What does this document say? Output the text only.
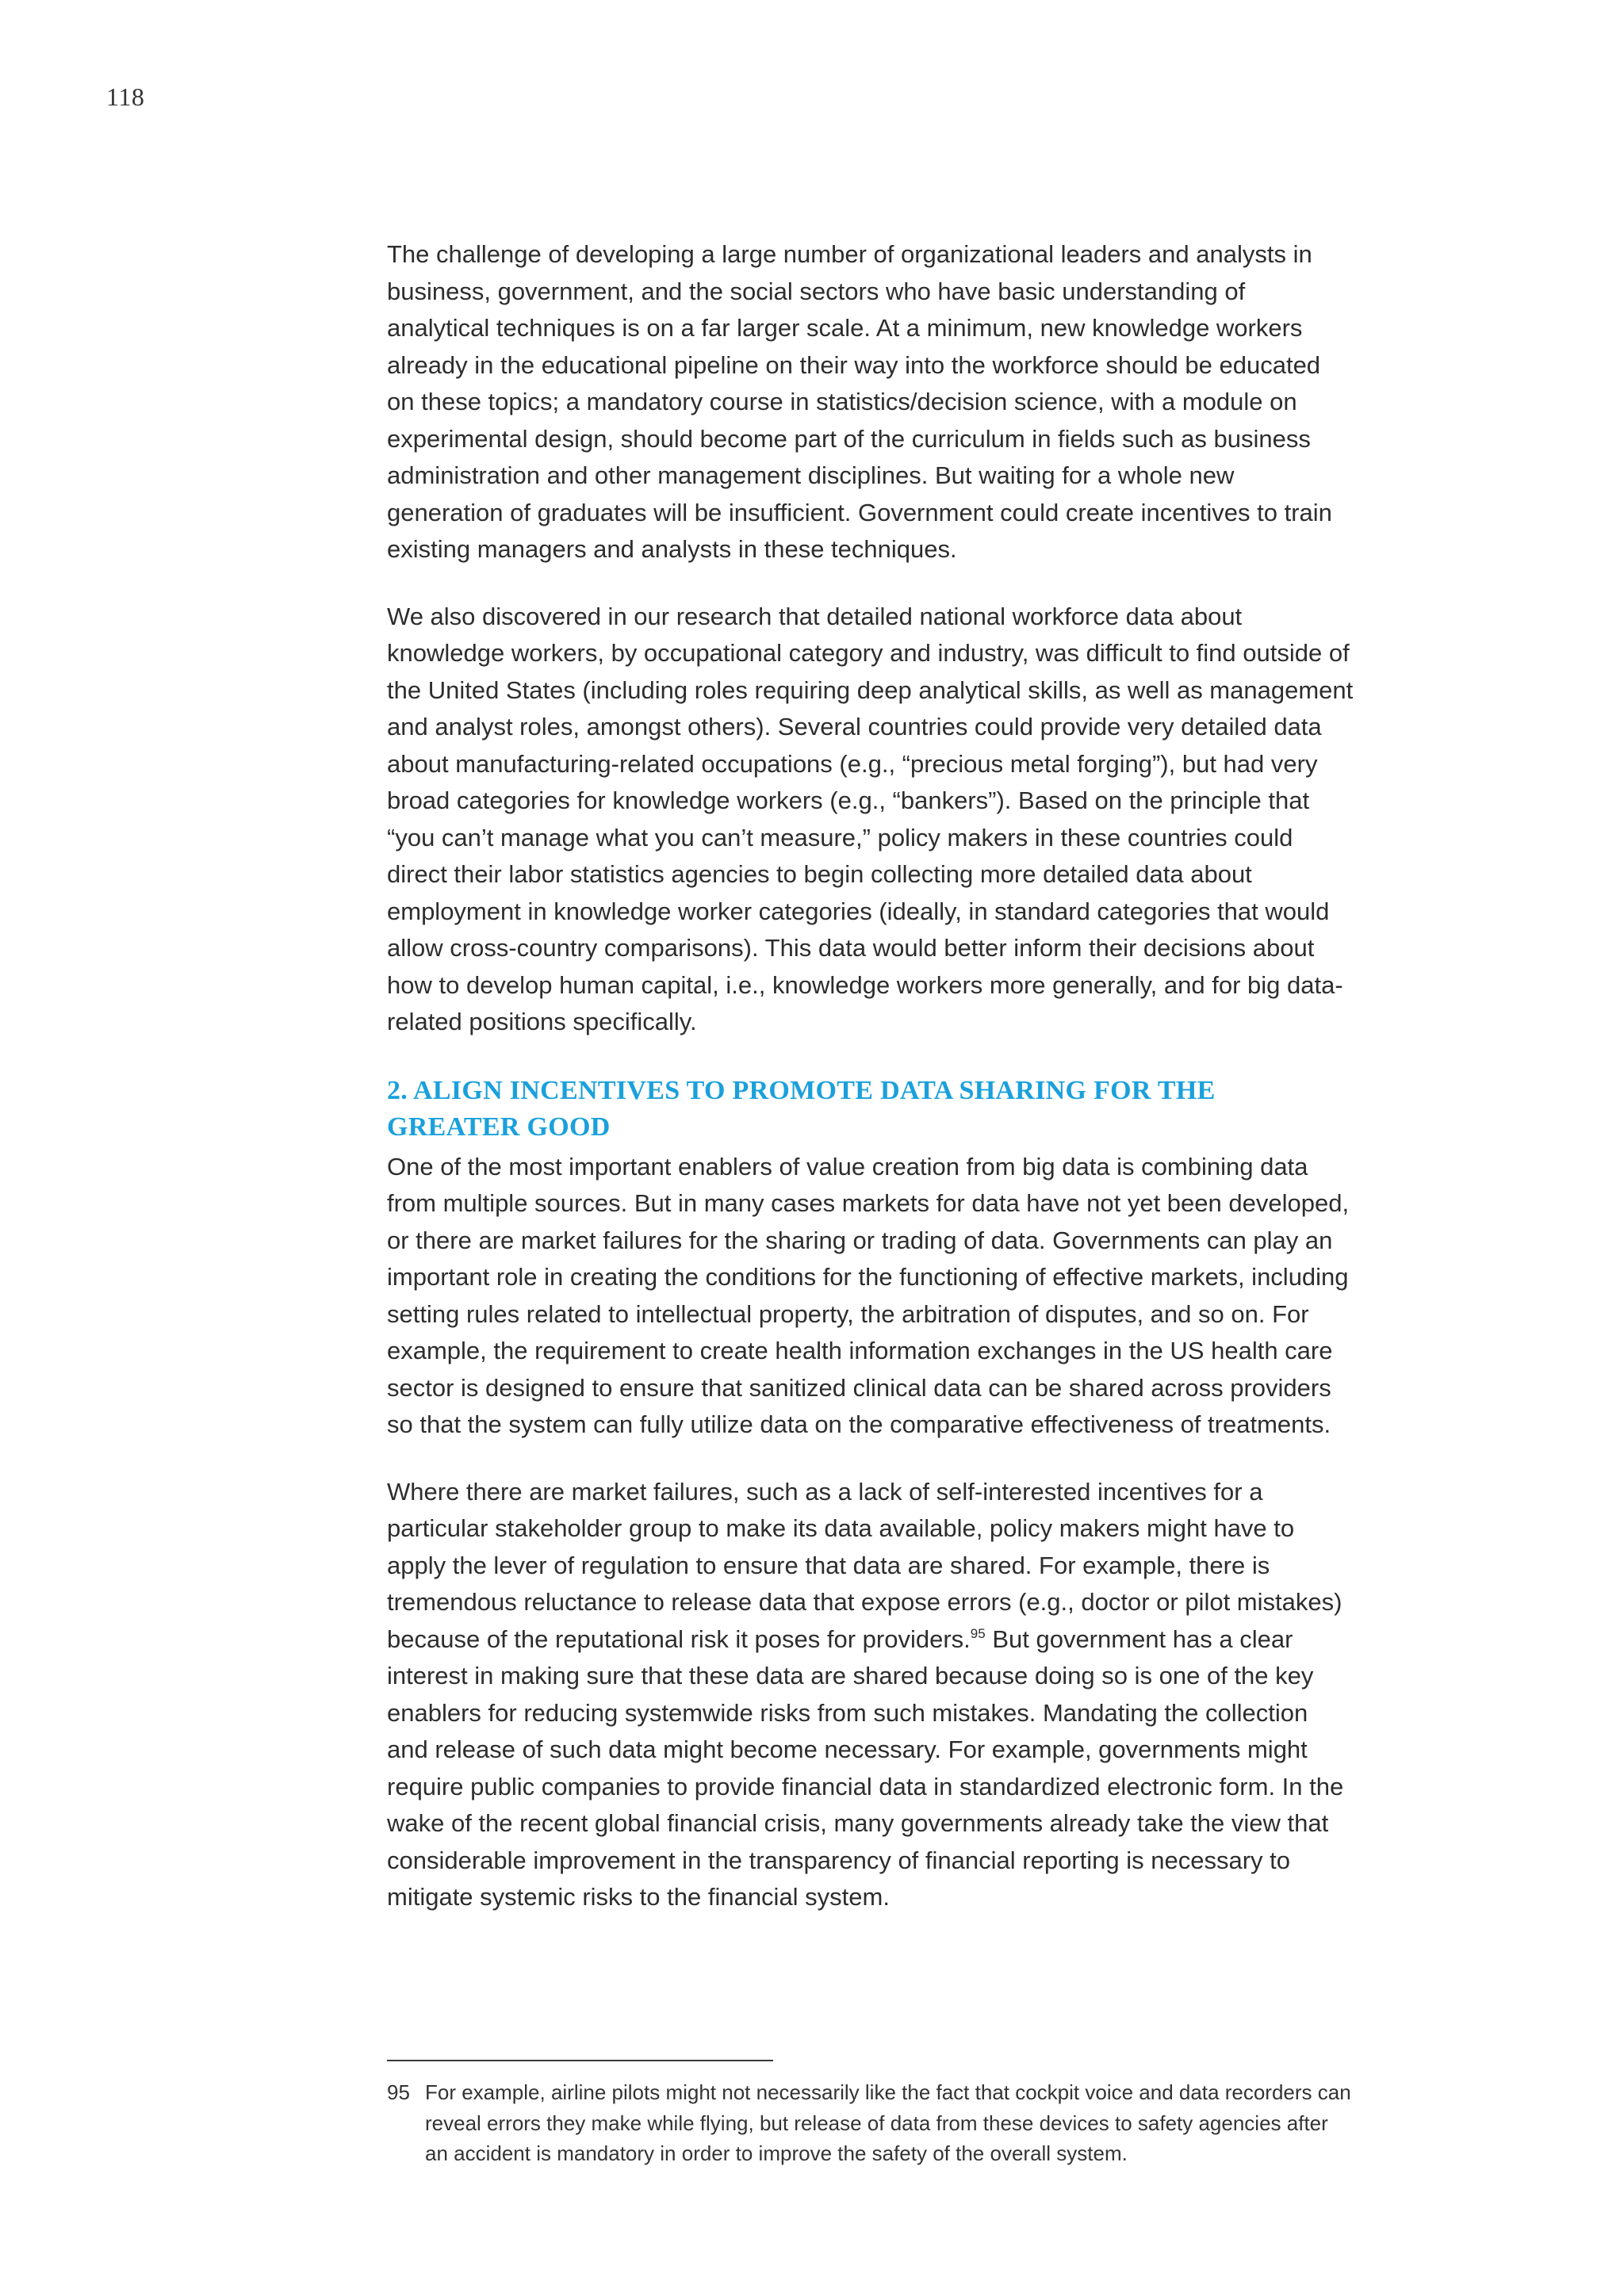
118

The challenge of developing a large number of organizational leaders and analysts in business, government, and the social sectors who have basic understanding of analytical techniques is on a far larger scale. At a minimum, new knowledge workers already in the educational pipeline on their way into the workforce should be educated on these topics; a mandatory course in statistics/decision science, with a module on experimental design, should become part of the curriculum in fields such as business administration and other management disciplines. But waiting for a whole new generation of graduates will be insufficient. Government could create incentives to train existing managers and analysts in these techniques.

We also discovered in our research that detailed national workforce data about knowledge workers, by occupational category and industry, was difficult to find outside of the United States (including roles requiring deep analytical skills, as well as management and analyst roles, amongst others). Several countries could provide very detailed data about manufacturing-related occupations (e.g., “precious metal forging”), but had very broad categories for knowledge workers (e.g., “bankers”). Based on the principle that “you can’t manage what you can’t measure,” policy makers in these countries could direct their labor statistics agencies to begin collecting more detailed data about employment in knowledge worker categories (ideally, in standard categories that would allow cross-country comparisons). This data would better inform their decisions about how to develop human capital, i.e., knowledge workers more generally, and for big data-related positions specifically.

2. ALIGN INCENTIVES TO PROMOTE DATA SHARING FOR THE GREATER GOOD

One of the most important enablers of value creation from big data is combining data from multiple sources. But in many cases markets for data have not yet been developed, or there are market failures for the sharing or trading of data. Governments can play an important role in creating the conditions for the functioning of effective markets, including setting rules related to intellectual property, the arbitration of disputes, and so on. For example, the requirement to create health information exchanges in the US health care sector is designed to ensure that sanitized clinical data can be shared across providers so that the system can fully utilize data on the comparative effectiveness of treatments.

Where there are market failures, such as a lack of self-interested incentives for a particular stakeholder group to make its data available, policy makers might have to apply the lever of regulation to ensure that data are shared. For example, there is tremendous reluctance to release data that expose errors (e.g., doctor or pilot mistakes) because of the reputational risk it poses for providers.$^{95}$ But government has a clear interest in making sure that these data are shared because doing so is one of the key enablers for reducing systemwide risks from such mistakes. Mandating the collection and release of such data might become necessary. For example, governments might require public companies to provide financial data in standardized electronic form. In the wake of the recent global financial crisis, many governments already take the view that considerable improvement in the transparency of financial reporting is necessary to mitigate systemic risks to the financial system.

95 For example, airline pilots might not necessarily like the fact that cockpit voice and data recorders can reveal errors they make while flying, but release of data from these devices to safety agencies after an accident is mandatory in order to improve the safety of the overall system.
